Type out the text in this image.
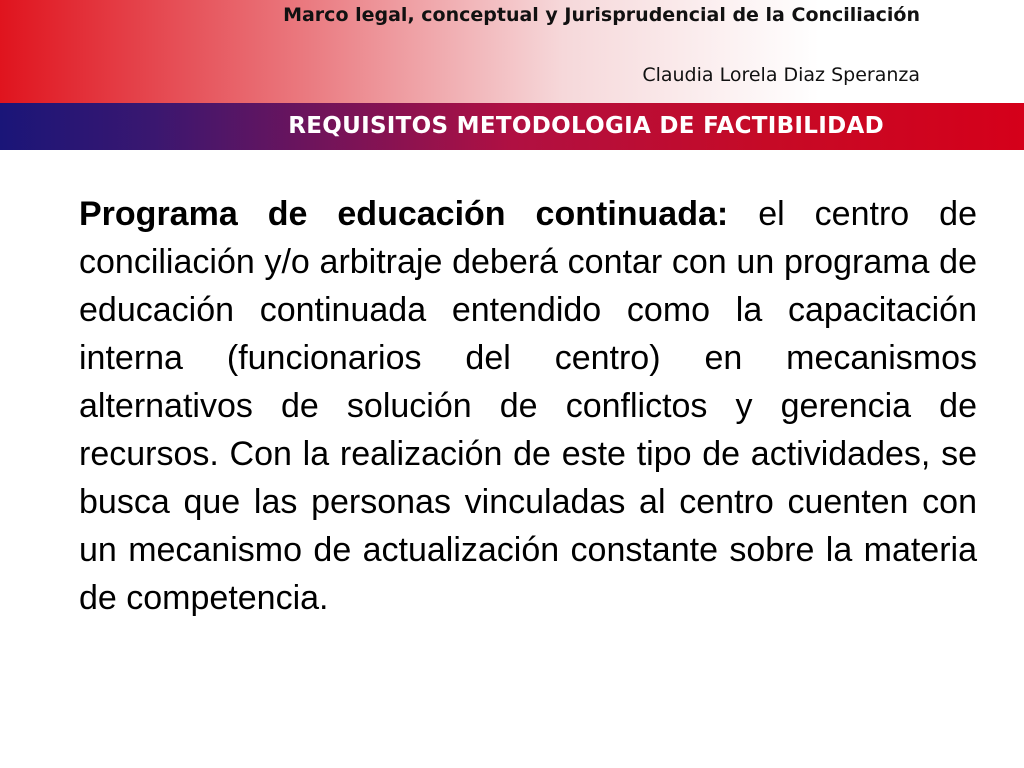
Marco legal, conceptual y Jurisprudencial de la Conciliación
Claudia Lorela Diaz Speranza
REQUISITOS METODOLOGIA DE FACTIBILIDAD
Programa de educación continuada: el centro de conciliación y/o arbitraje deberá contar con un programa de educación continuada entendido como la capacitación interna (funcionarios del centro) en mecanismos alternativos de solución de conflictos y gerencia de recursos. Con la realización de este tipo de actividades, se busca que las personas vinculadas al centro cuenten con un mecanismo de actualización constante sobre la materia de competencia.
